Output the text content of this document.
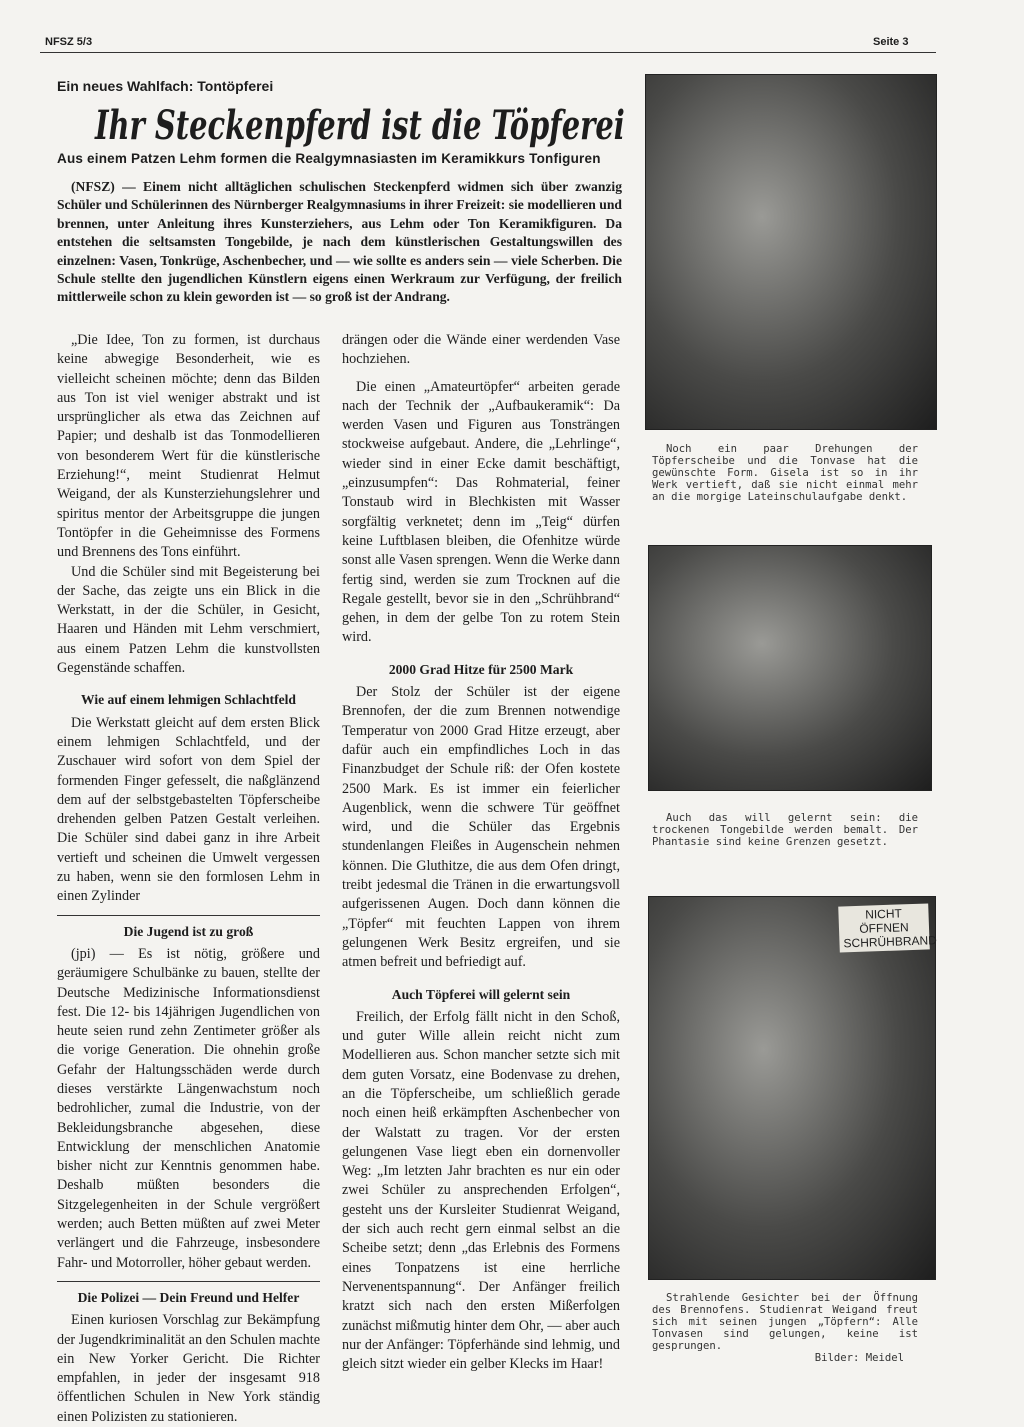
NFSZ 5/3	Seite 3
Ein neues Wahlfach: Tontöpferei
Ihr Steckenpferd ist die Töpferei
Aus einem Patzen Lehm formen die Realgymnasiasten im Keramikkurs Tonfiguren
(NFSZ) — Einem nicht alltäglichen schulischen Steckenpferd widmen sich über zwanzig Schüler und Schülerinnen des Nürnberger Realgymnasiums in ihrer Freizeit: sie modellieren und brennen, unter Anleitung ihres Kunsterziehers, aus Lehm oder Ton Keramikfiguren. Da entstehen die seltsamsten Tongebilde, je nach dem künstlerischen Gestaltungswillen des einzelnen: Vasen, Tonkrüge, Aschenbecher, und — wie sollte es anders sein — viele Scherben. Die Schule stellte den jugendlichen Künstlern eigens einen Werkraum zur Verfügung, der freilich mittlerweile schon zu klein geworden ist — so groß ist der Andrang.

„Die Idee, Ton zu formen, ist durchaus keine abwegige Besonderheit, wie es vielleicht scheinen möchte; denn das Bilden aus Ton ist viel weniger abstrakt und ist ursprünglicher als etwa das Zeichnen auf Papier; und deshalb ist das Tonmodellieren von besonderem Wert für die künstlerische Erziehung!“, meint Studienrat Helmut Weigand, der als Kunsterziehungslehrer und spiritus mentor der Arbeitsgruppe die jungen Tontöpfer in die Geheimnisse des Formens und Brennens des Tons einführt.

Und die Schüler sind mit Begeisterung bei der Sache, das zeigte uns ein Blick in die Werkstatt, in der die Schüler, in Gesicht, Haaren und Händen mit Lehm verschmiert, aus einem Patzen Lehm die kunstvollsten Gegenstände schaffen.

Wie auf einem lehmigen Schlachtfeld

Die Werkstatt gleicht auf dem ersten Blick einem lehmigen Schlachtfeld, und der Zuschauer wird sofort von dem Spiel der formenden Finger gefesselt, die naßglänzend dem auf der selbstgebastelten Töpferscheibe drehenden gelben Patzen Gestalt verleihen. Die Schüler sind dabei ganz in ihre Arbeit vertieft und scheinen die Umwelt vergessen zu haben, wenn sie den formlosen Lehm in einen Zylinder

Die Jugend ist zu groß

(jpi) — Es ist nötig, größere und geräumigere Schulbänke zu bauen, stellte der Deutsche Medizinische Informationsdienst fest. Die 12- bis 14jährigen Jugendlichen von heute seien rund zehn Zentimeter größer als die vorige Generation. Die ohnehin große Gefahr der Haltungsschäden werde durch dieses verstärkte Längenwachstum noch bedrohlicher, zumal die Industrie, von der Bekleidungsbranche abgesehen, diese Entwicklung der menschlichen Anatomie bisher nicht zur Kenntnis genommen habe. Deshalb müßten besonders die Sitzgelegenheiten in der Schule vergrößert werden; auch Betten müßten auf zwei Meter verlängert und die Fahrzeuge, insbesondere Fahr- und Motorroller, höher gebaut werden.

Die Polizei — Dein Freund und Helfer

Einen kuriosen Vorschlag zur Bekämpfung der Jugendkriminalität an den Schulen machte ein New Yorker Gericht. Die Richter empfahlen, in jeder der insgesamt 918 öffentlichen Schulen in New York ständig einen Polizisten zu stationieren.

drängen oder die Wände einer werdenden Vase hochziehen.

Die einen „Amateurtöpfer“ arbeiten gerade nach der Technik der „Aufbaukeramik“: Da werden Vasen und Figuren aus Tonsträngen stockweise aufgebaut. Andere, die „Lehrlinge“, wieder sind in einer Ecke damit beschäftigt, „einzusumpfen“: Das Rohmaterial, feiner Tonstaub wird in Blechkisten mit Wasser sorgfältig verknetet; denn im „Teig“ dürfen keine Luftblasen bleiben, die Ofenhitze würde sonst alle Vasen sprengen. Wenn die Werke dann fertig sind, werden sie zum Trocknen auf die Regale gestellt, bevor sie in den „Schrühbrand“ gehen, in dem der gelbe Ton zu rotem Stein wird.

2000 Grad Hitze für 2500 Mark

Der Stolz der Schüler ist der eigene Brennofen, der die zum Brennen notwendige Temperatur von 2000 Grad Hitze erzeugt, aber dafür auch ein empfindliches Loch in das Finanzbudget der Schule riß: der Ofen kostete 2500 Mark. Es ist immer ein feierlicher Augenblick, wenn die schwere Tür geöffnet wird, und die Schüler das Ergebnis stundenlangen Fleißes in Augenschein nehmen können. Die Gluthitze, die aus dem Ofen dringt, treibt jedesmal die Tränen in die erwartungsvoll aufgerissenen Augen. Doch dann können die „Töpfer“ mit feuchten Lappen von ihrem gelungenen Werk Besitz ergreifen, und sie atmen befreit und befriedigt auf.

Auch Töpferei will gelernt sein

Freilich, der Erfolg fällt nicht in den Schoß, und guter Wille allein reicht nicht zum Modellieren aus. Schon mancher setzte sich mit dem guten Vorsatz, eine Bodenvase zu drehen, an die Töpferscheibe, um schließlich gerade noch einen heiß erkämpften Aschenbecher von der Walstatt zu tragen. Vor der ersten gelungenen Vase liegt eben ein dornenvoller Weg: „Im letzten Jahr brachten es nur ein oder zwei Schüler zu ansprechenden Erfolgen“, gesteht uns der Kursleiter Studienrat Weigand, der sich auch recht gern einmal selbst an die Scheibe setzt; denn „das Erlebnis des Formens eines Tonpatzens ist eine herrliche Nervenentspannung“. Der Anfänger freilich kratzt sich nach den ersten Mißerfolgen zunächst mißmutig hinter dem Ohr, — aber auch nur der Anfänger: Töpferhände sind lehmig, und gleich sitzt wieder ein gelber Klecks im Haar!

Noch ein paar Drehungen der Töpferscheibe und die Tonvase hat die gewünschte Form. Gisela ist so in ihr Werk vertieft, daß sie nicht einmal mehr an die morgige Lateinschulaufgabe denkt.

Auch das will gelernt sein: die trockenen Tongebilde werden bemalt. Der Phantasie sind keine Grenzen gesetzt.

NICHT ÖFFNEN SCHRÜHBRAND

Strahlende Gesichter bei der Öffnung des Brennofens. Studienrat Weigand freut sich mit seinen jungen „Töpfern“: Alle Tonvasen sind gelungen, keine ist gesprungen.

Bilder: Meidel
